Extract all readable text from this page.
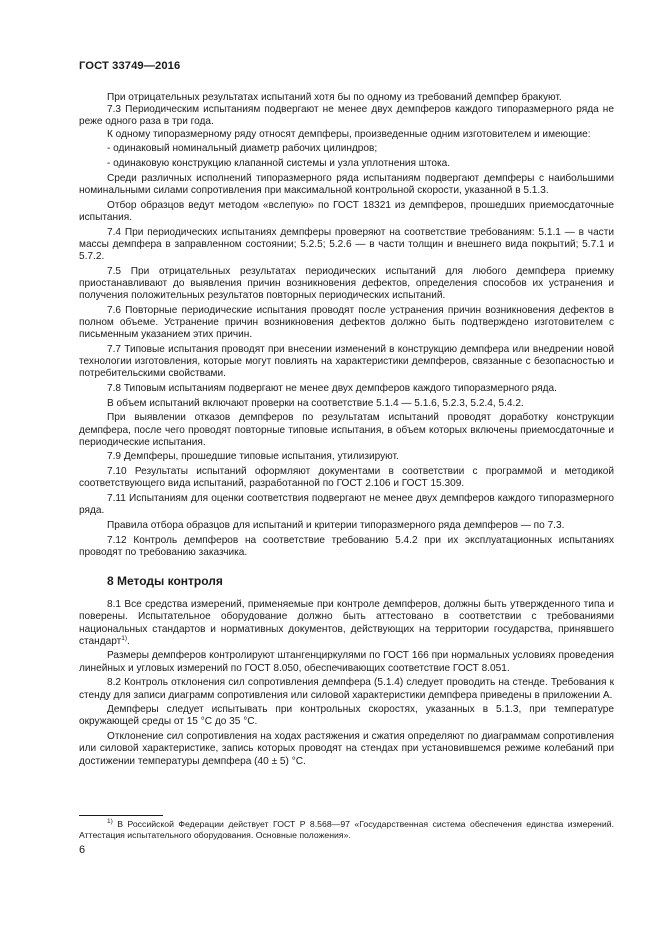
ГОСТ 33749—2016

При отрицательных результатах испытаний хотя бы по одному из требований демпфер бракуют.

7.3 Периодическим испытаниям подвергают не менее двух демпферов каждого типоразмерного ряда не реже одного раза в три года.

К одному типоразмерному ряду относят демпферы, произведенные одним изготовителем и имеющие:

- одинаковый номинальный диаметр рабочих цилиндров;

- одинаковую конструкцию клапанной системы и узла уплотнения штока.

Среди различных исполнений типоразмерного ряда испытаниям подвергают демпферы с наибольшими номинальными силами сопротивления при максимальной контрольной скорости, указанной в 5.1.3.

Отбор образцов ведут методом «вслепую» по ГОСТ 18321 из демпферов, прошедших приемосдаточные испытания.

7.4 При периодических испытаниях демпферы проверяют на соответствие требованиям: 5.1.1 — в части массы демпфера в заправленном состоянии; 5.2.5; 5.2.6 — в части толщин и внешнего вида покрытий; 5.7.1 и 5.7.2.

7.5 При отрицательных результатах периодических испытаний для любого демпфера приемку приостанавливают до выявления причин возникновения дефектов, определения способов их устранения и получения положительных результатов повторных периодических испытаний.

7.6 Повторные периодические испытания проводят после устранения причин возникновения дефектов в полном объеме. Устранение причин возникновения дефектов должно быть подтверждено изготовителем с письменным указанием этих причин.

7.7 Типовые испытания проводят при внесении изменений в конструкцию демпфера или внедрении новой технологии изготовления, которые могут повлиять на характеристики демпферов, связанные с безопасностью и потребительскими свойствами.

7.8 Типовым испытаниям подвергают не менее двух демпферов каждого типоразмерного ряда.

В объем испытаний включают проверки на соответствие 5.1.4 — 5.1.6, 5.2.3, 5.2.4, 5.4.2.

При выявлении отказов демпферов по результатам испытаний проводят доработку конструкции демпфера, после чего проводят повторные типовые испытания, в объем которых включены приемосдаточные и периодические испытания.

7.9 Демпферы, прошедшие типовые испытания, утилизируют.

7.10 Результаты испытаний оформляют документами в соответствии с программой и методикой соответствующего вида испытаний, разработанной по ГОСТ 2.106 и ГОСТ 15.309.

7.11 Испытаниям для оценки соответствия подвергают не менее двух демпферов каждого типоразмерного ряда.

Правила отбора образцов для испытаний и критерии типоразмерного ряда демпферов — по 7.3.

7.12 Контроль демпферов на соответствие требованию 5.4.2 при их эксплуатационных испытаниях проводят по требованию заказчика.

8 Методы контроля

8.1 Все средства измерений, применяемые при контроле демпферов, должны быть утвержденного типа и поверены. Испытательное оборудование должно быть аттестовано в соответствии с требованиями национальных стандартов и нормативных документов, действующих на территории государства, принявшего стандарт$^{1)}$.

Размеры демпферов контролируют штангенциркулями по ГОСТ 166 при нормальных условиях проведения линейных и угловых измерений по ГОСТ 8.050, обеспечивающих соответствие ГОСТ 8.051.

8.2 Контроль отклонения сил сопротивления демпфера (5.1.4) следует проводить на стенде. Требования к стенду для записи диаграмм сопротивления или силовой характеристики демпфера приведены в приложении А.

Демпферы следует испытывать при контрольных скоростях, указанных в 5.1.3, при температуре окружающей среды от 15 °С до 35 °С.

Отклонение сил сопротивления на ходах растяжения и сжатия определяют по диаграммам сопротивления или силовой характеристике, запись которых проводят на стендах при установившемся режиме колебаний при достижении температуры демпфера (40 ± 5) °С.

$^{1)}$ В Российской Федерации действует ГОСТ Р 8.568—97 «Государственная система обеспечения единства измерений. Аттестация испытательного оборудования. Основные положения».

6
